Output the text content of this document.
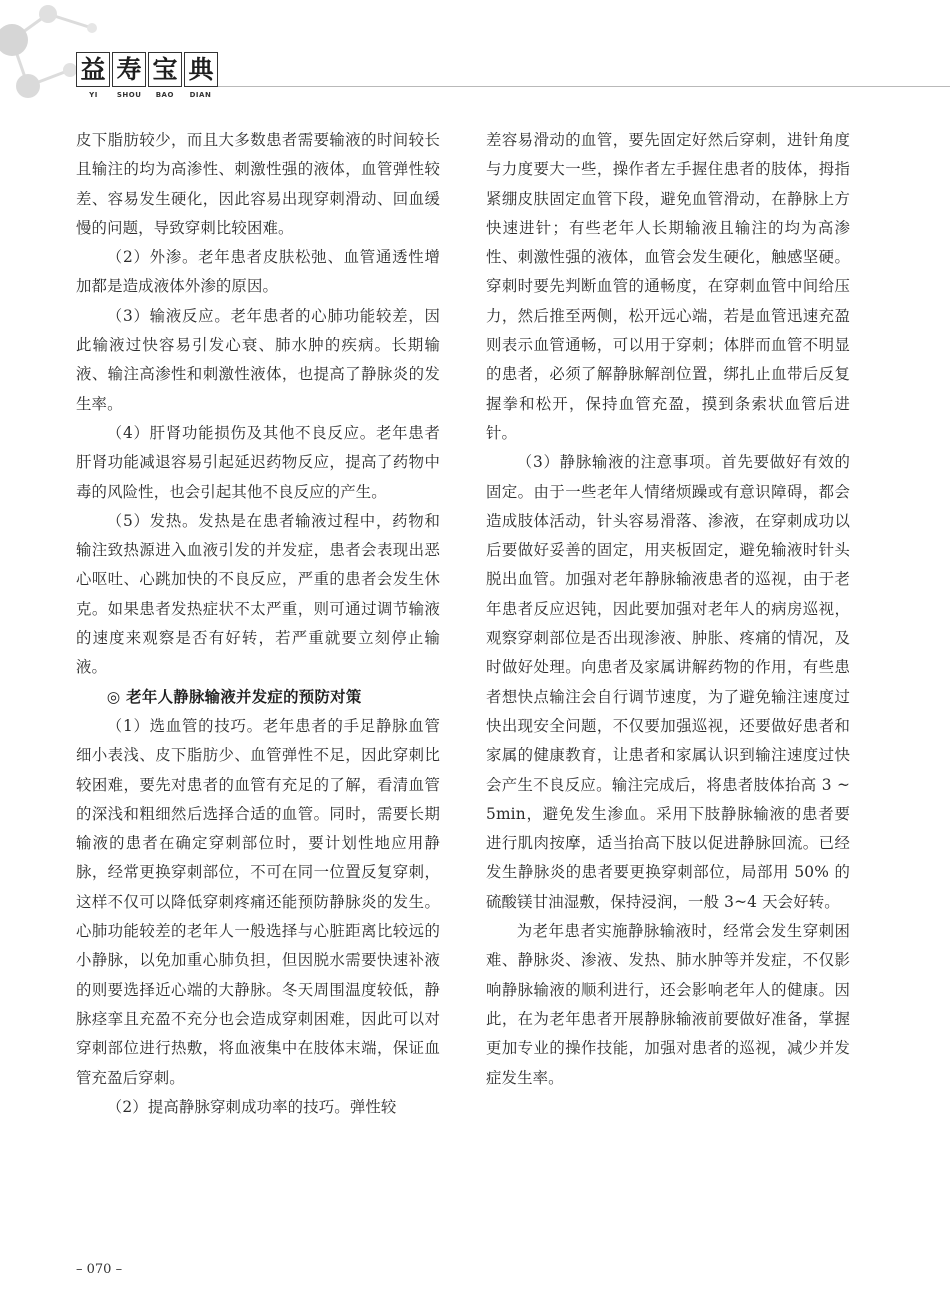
益 寿 宝 典
YI	SHOU	BAO	DIAN

皮下脂肪较少，而且大多数患者需要输液的时间较长且输注的均为高渗性、刺激性强的液体，血管弹性较差、容易发生硬化，因此容易出现穿刺滑动、回血缓慢的问题，导致穿刺比较困难。

（2）外渗。老年患者皮肤松弛、血管通透性增加都是造成液体外渗的原因。

（3）输液反应。老年患者的心肺功能较差，因此输液过快容易引发心衰、肺水肿的疾病。长期输液、输注高渗性和刺激性液体，也提高了静脉炎的发生率。

（4）肝肾功能损伤及其他不良反应。老年患者肝肾功能减退容易引起延迟药物反应，提高了药物中毒的风险性，也会引起其他不良反应的产生。

（5）发热。发热是在患者输液过程中，药物和输注致热源进入血液引发的并发症，患者会表现出恶心呕吐、心跳加快的不良反应，严重的患者会发生休克。如果患者发热症状不太严重，则可通过调节输液的速度来观察是否有好转，若严重就要立刻停止输液。

◎ 老年人静脉输液并发症的预防对策

（1）选血管的技巧。老年患者的手足静脉血管细小表浅、皮下脂肪少、血管弹性不足，因此穿刺比较困难，要先对患者的血管有充足的了解，看清血管的深浅和粗细然后选择合适的血管。同时，需要长期输液的患者在确定穿刺部位时，要计划性地应用静脉，经常更换穿刺部位，不可在同一位置反复穿刺，这样不仅可以降低穿刺疼痛还能预防静脉炎的发生。心肺功能较差的老年人一般选择与心脏距离比较远的小静脉，以免加重心肺负担，但因脱水需要快速补液的则要选择近心端的大静脉。冬天周围温度较低，静脉痉挛且充盈不充分也会造成穿刺困难，因此可以对穿刺部位进行热敷，将血液集中在肢体末端，保证血管充盈后穿刺。

（2）提高静脉穿刺成功率的技巧。弹性较

差容易滑动的血管，要先固定好然后穿刺，进针角度与力度要大一些，操作者左手握住患者的肢体，拇指紧绷皮肤固定血管下段，避免血管滑动，在静脉上方快速进针；有些老年人长期输液且输注的均为高渗性、刺激性强的液体，血管会发生硬化，触感坚硬。穿刺时要先判断血管的通畅度，在穿刺血管中间给压力，然后推至两侧，松开远心端，若是血管迅速充盈则表示血管通畅，可以用于穿刺；体胖而血管不明显的患者，必须了解静脉解剖位置，绑扎止血带后反复握拳和松开，保持血管充盈，摸到条索状血管后进针。

（3）静脉输液的注意事项。首先要做好有效的固定。由于一些老年人情绪烦躁或有意识障碍，都会造成肢体活动，针头容易滑落、渗液，在穿刺成功以后要做好妥善的固定，用夹板固定，避免输液时针头脱出血管。加强对老年静脉输液患者的巡视，由于老年患者反应迟钝，因此要加强对老年人的病房巡视，观察穿刺部位是否出现渗液、肿胀、疼痛的情况，及时做好处理。向患者及家属讲解药物的作用，有些患者想快点输注会自行调节速度，为了避免输注速度过快出现安全问题，不仅要加强巡视，还要做好患者和家属的健康教育，让患者和家属认识到输注速度过快会产生不良反应。输注完成后，将患者肢体抬高 3 ~ 5min，避免发生渗血。采用下肢静脉输液的患者要进行肌肉按摩，适当抬高下肢以促进静脉回流。已经发生静脉炎的患者要更换穿刺部位，局部用 50% 的硫酸镁甘油湿敷，保持浸润，一般 3~4 天会好转。

为老年患者实施静脉输液时，经常会发生穿刺困难、静脉炎、渗液、发热、肺水肿等并发症，不仅影响静脉输液的顺利进行，还会影响老年人的健康。因此，在为老年患者开展静脉输液前要做好准备，掌握更加专业的操作技能，加强对患者的巡视，减少并发症发生率。

– 070 –
